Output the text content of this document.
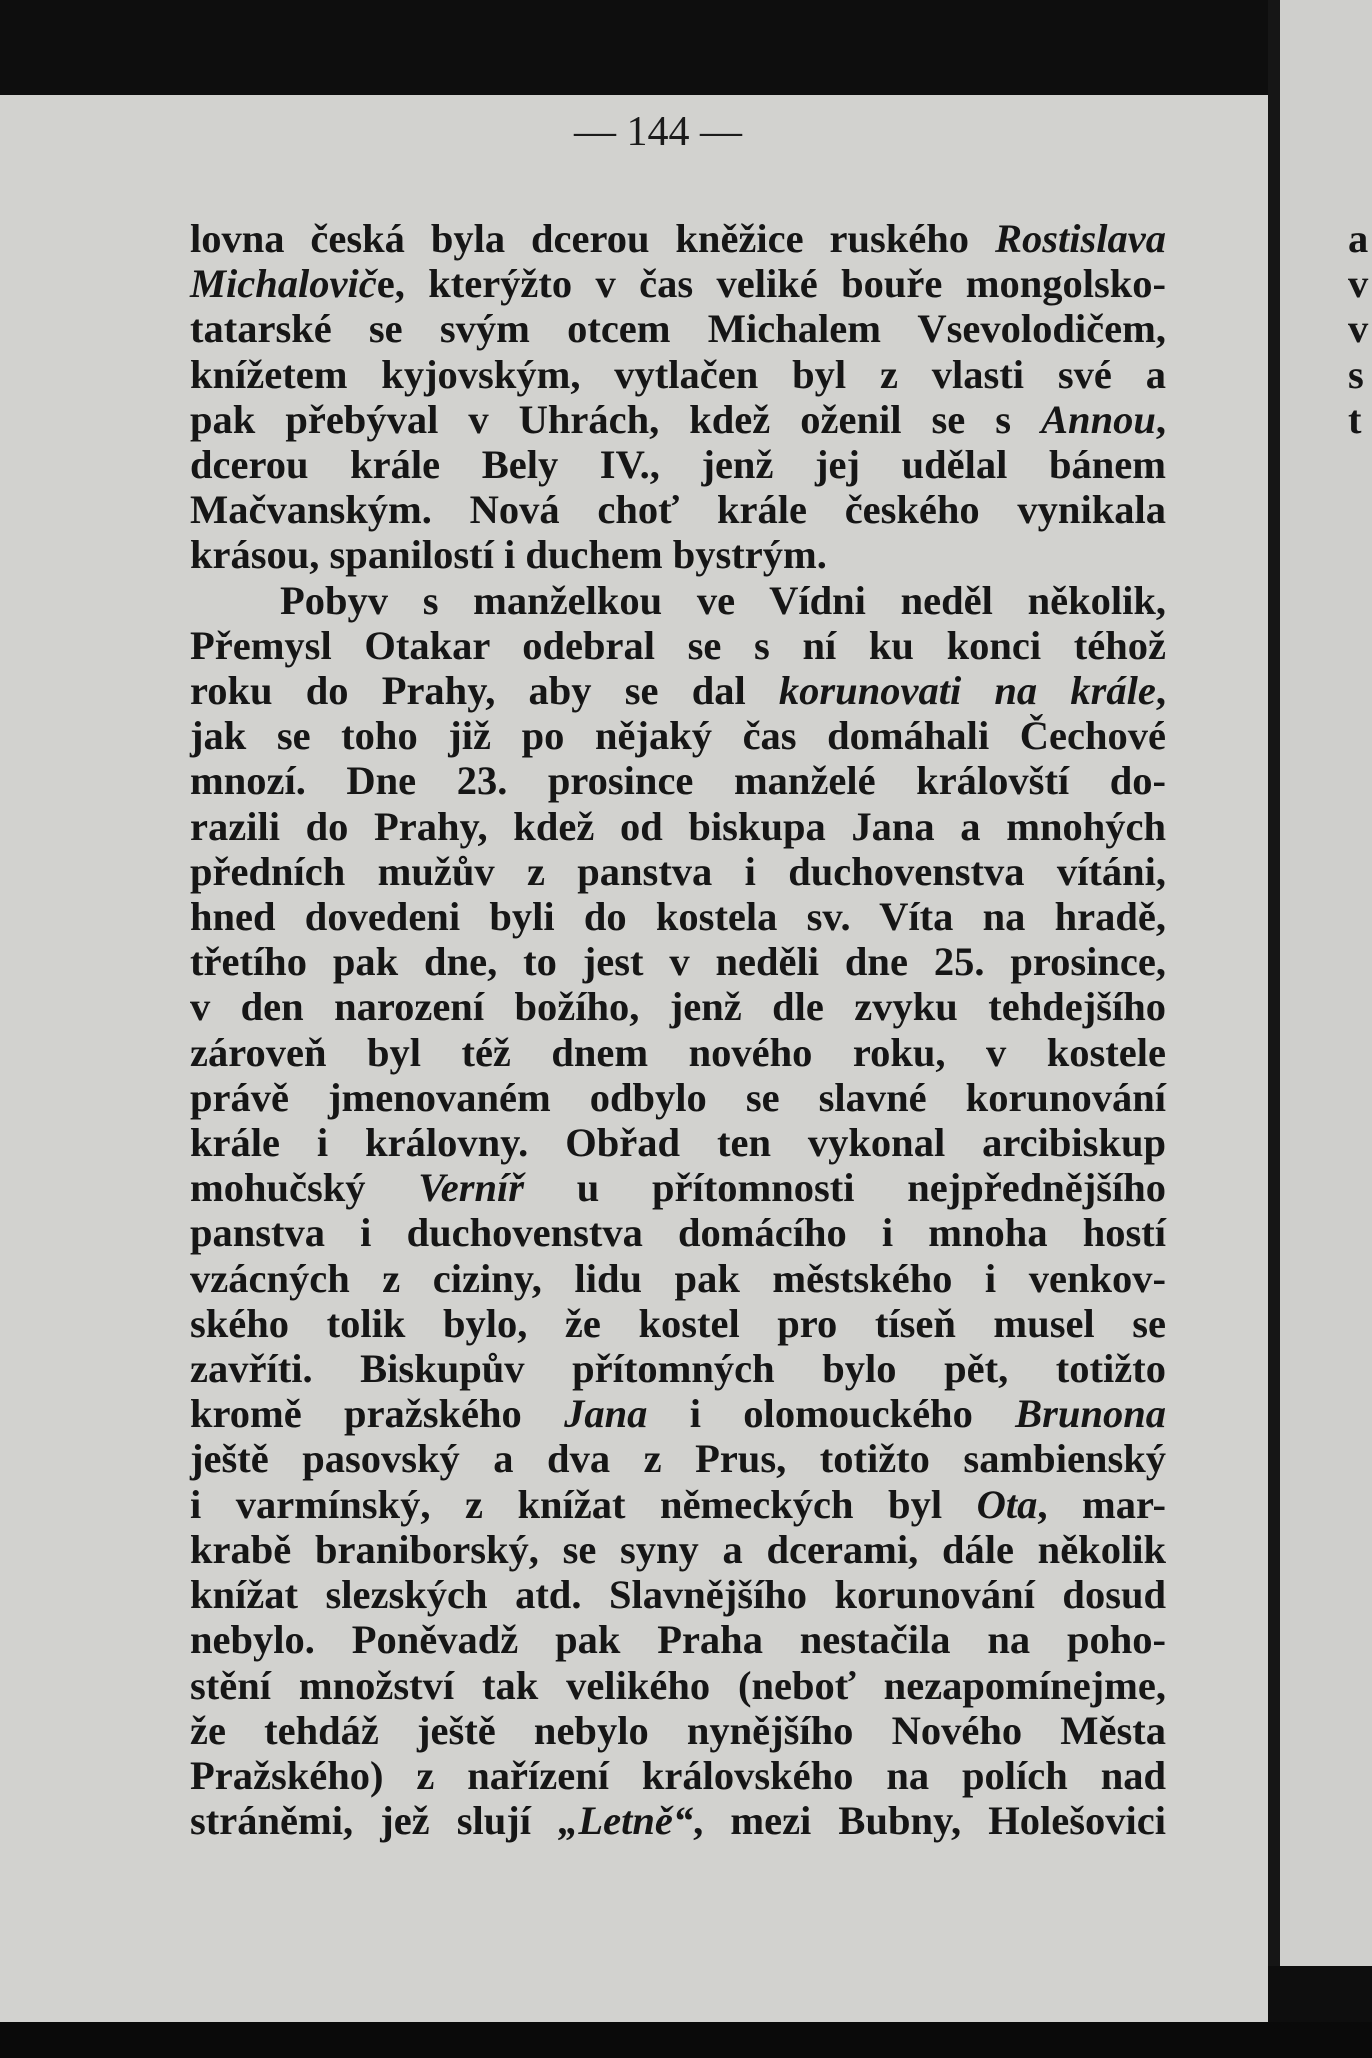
— 144 —
lovna česká byla dcerou kněžice ruského Rostislava
Michaloviče, kterýžto v čas veliké bouře mongolsko-
tatarské se svým otcem Michalem Vsevolodičem,
knížetem kyjovským, vytlačen byl z vlasti své a
pak přebýval v Uhrách, kdež oženil se s Annou,
dcerou krále Bely IV., jenž jej udělal bánem
Mačvanským. Nová choť krále českého vynikala
krásou, spanilostí i duchem bystrým.
Pobyv s manželkou ve Vídni neděl několik,
Přemysl Otakar odebral se s ní ku konci téhož
roku do Prahy, aby se dal korunovati na krále,
jak se toho již po nějaký čas domáhali Čechové
mnozí. Dne 23. prosince manželé královští do-
razili do Prahy, kdež od biskupa Jana a mnohých
předních mužův z panstva i duchovenstva vítáni,
hned dovedeni byli do kostela sv. Víta na hradě,
třetího pak dne, to jest v neděli dne 25. prosince,
v den narození božího, jenž dle zvyku tehdejšího
zároveň byl též dnem nového roku, v kostele
právě jmenovaném odbylo se slavné korunování
krále i královny. Obřad ten vykonal arcibiskup
mohučský Verníř u přítomnosti nejpřednějšího
panstva i duchovenstva domácího i mnoha hostí
vzácných z ciziny, lidu pak městského i venkov-
ského tolik bylo, že kostel pro tíseň musel se
zavříti. Biskupův přítomných bylo pět, totižto
kromě pražského Jana i olomouckého Brunona
ještě pasovský a dva z Prus, totižto sambienský
i varmínský, z knížat německých byl Ota, mar-
krabě braniborský, se syny a dcerami, dále několik
knížat slezských atd. Slavnějšího korunování dosud
nebylo. Poněvadž pak Praha nestačila na poho-
stění množství tak velikého (neboť nezapomínejme,
že tehdáž ještě nebylo nynějšího Nového Města
Pražského) z nařízení královského na polích nad
stráněmi, jež slují „Letně“, mezi Bubny, Holešovici
a
v
v
s
t
